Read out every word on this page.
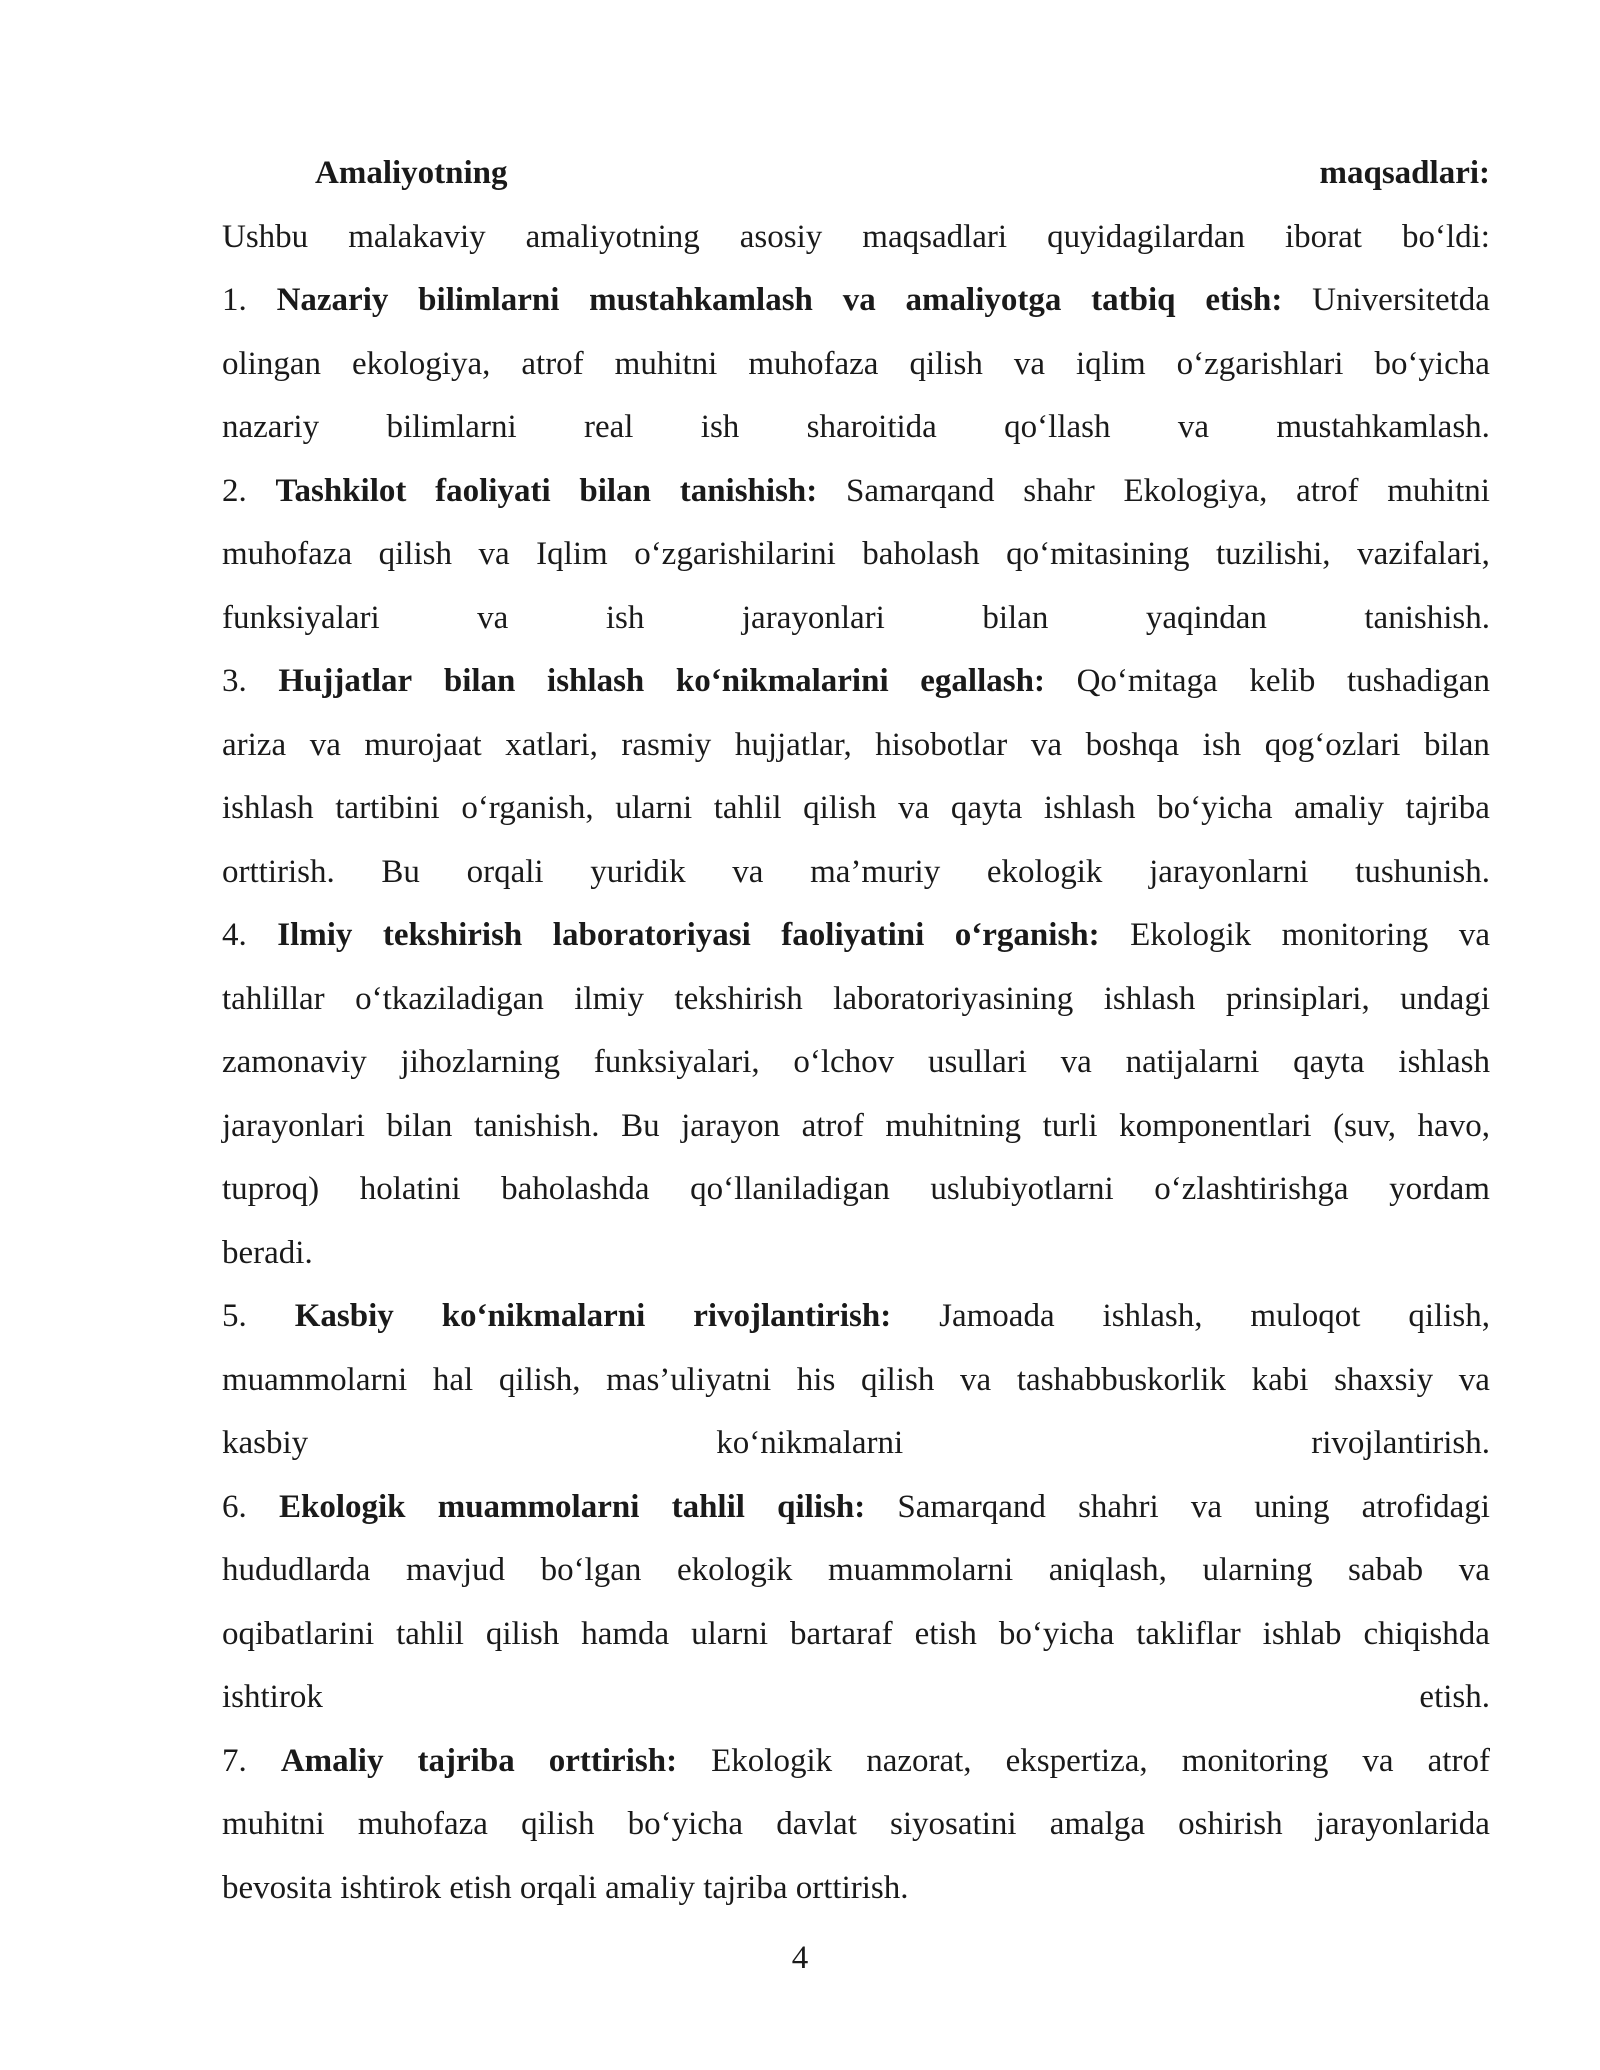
Amaliyotning	maqsadlari:
Ushbu malakaviy amaliyotning asosiy maqsadlari quyidagilardan iborat bo‘ldi:
1. Nazariy bilimlarni mustahkamlash va amaliyotga tatbiq etish: Universitetda
olingan ekologiya, atrof muhitni muhofaza qilish va iqlim o‘zgarishlari bo‘yicha
nazariy bilimlarni real ish sharoitida qo‘llash va mustahkamlash.
2. Tashkilot faoliyati bilan tanishish: Samarqand shahr Ekologiya, atrof muhitni
muhofaza qilish va Iqlim o‘zgarishilarini baholash qo‘mitasining tuzilishi, vazifalari,
funksiyalari	va	ish	jarayonlari	bilan	yaqindan	tanishish.
3. Hujjatlar bilan ishlash ko‘nikmalarini egallash: Qo‘mitaga kelib tushadigan
ariza va murojaat xatlari, rasmiy hujjatlar, hisobotlar va boshqa ish qog‘ozlari bilan
ishlash tartibini o‘rganish, ularni tahlil qilish va qayta ishlash bo‘yicha amaliy tajriba
orttirish. Bu orqali yuridik va ma’muriy ekologik jarayonlarni tushunish.
4. Ilmiy tekshirish laboratoriyasi faoliyatini o‘rganish: Ekologik monitoring va
tahlillar o‘tkaziladigan ilmiy tekshirish laboratoriyasining ishlash prinsiplari, undagi
zamonaviy jihozlarning funksiyalari, o‘lchov usullari va natijalarni qayta ishlash
jarayonlari bilan tanishish. Bu jarayon atrof muhitning turli komponentlari (suv, havo,
tuproq) holatini baholashda qo‘llaniladigan uslubiyotlarni o‘zlashtirishga yordam
beradi.
5. Kasbiy ko‘nikmalarni rivojlantirish: Jamoada ishlash, muloqot qilish,
muammolarni hal qilish, mas’uliyatni his qilish va tashabbuskorlik kabi shaxsiy va
kasbiy	ko‘nikmalarni	rivojlantirish.
6. Ekologik muammolarni tahlil qilish: Samarqand shahri va uning atrofidagi
hududlarda mavjud bo‘lgan ekologik muammolarni aniqlash, ularning sabab va
oqibatlarini tahlil qilish hamda ularni bartaraf etish bo‘yicha takliflar ishlab chiqishda
ishtirok	etish.
7. Amaliy tajriba orttirish: Ekologik nazorat, ekspertiza, monitoring va atrof
muhitni muhofaza qilish bo‘yicha davlat siyosatini amalga oshirish jarayonlarida
bevosita ishtirok etish orqali amaliy tajriba orttirish.
4
